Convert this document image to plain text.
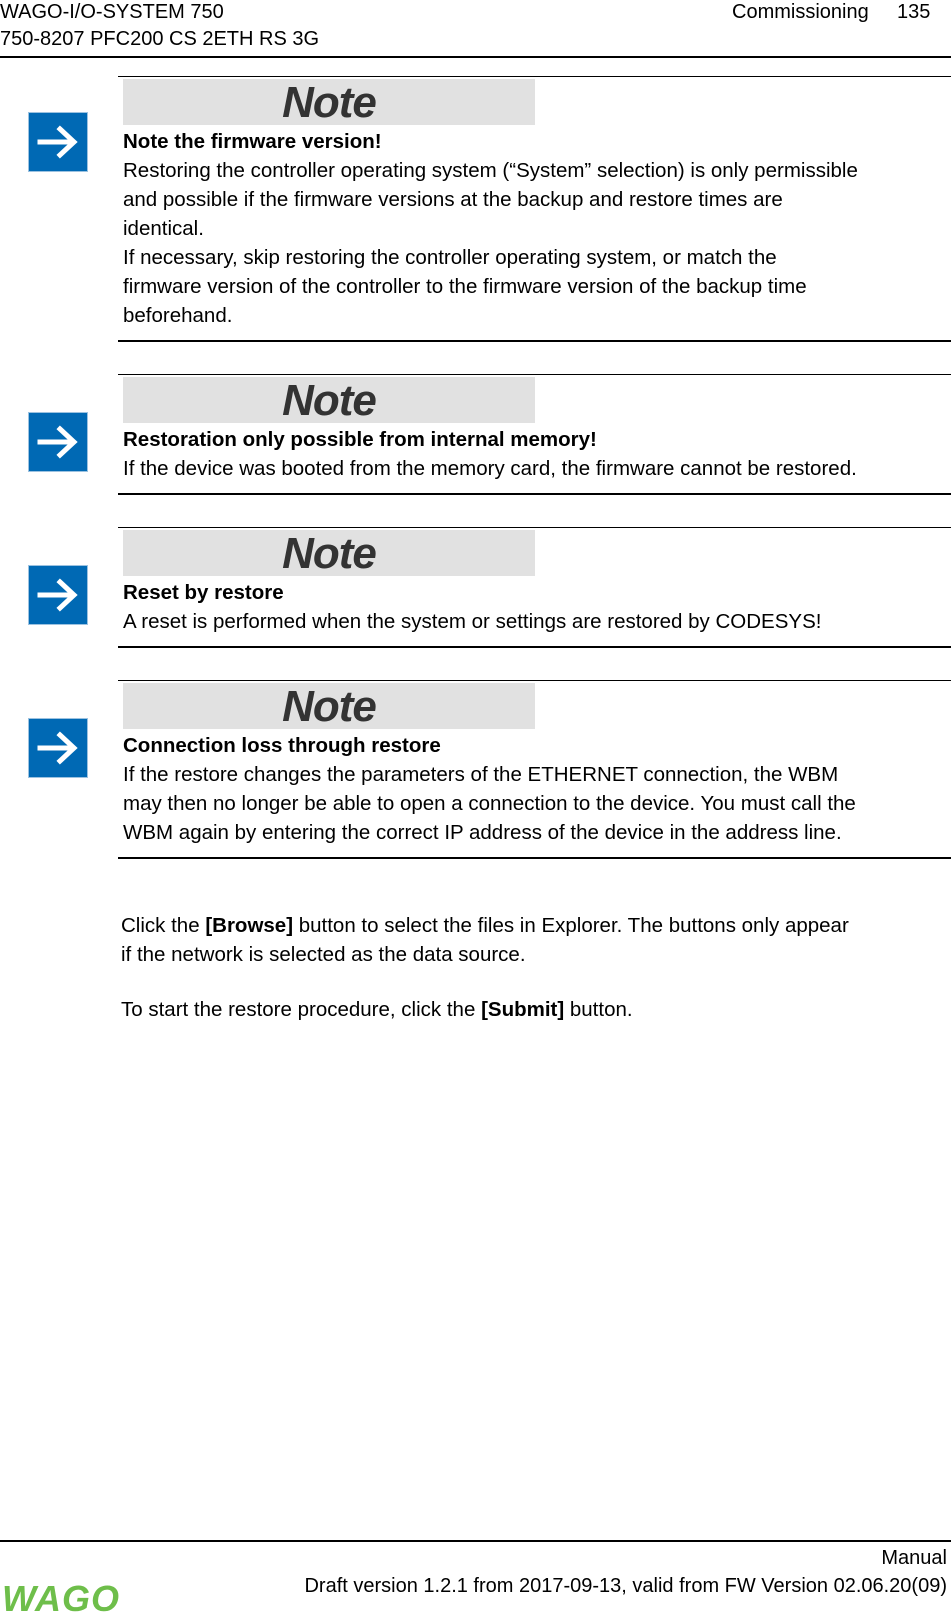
WAGO-I/O-SYSTEM 750
750-8207 PFC200 CS 2ETH RS 3G
Commissioning 135
Note
Note the firmware version!
Restoring the controller operating system (“System” selection) is only permissible
and possible if the firmware versions at the backup and restore times are
identical.
If necessary, skip restoring the controller operating system, or match the
firmware version of the controller to the firmware version of the backup time
beforehand.
Note
Restoration only possible from internal memory!
If the device was booted from the memory card, the firmware cannot be restored.
Note
Reset by restore
A reset is performed when the system or settings are restored by CODESYS!
Note
Connection loss through restore
If the restore changes the parameters of the ETHERNET connection, the WBM
may then no longer be able to open a connection to the device. You must call the
WBM again by entering the correct IP address of the device in the address line.
Click the [Browse] button to select the files in Explorer. The buttons only appear
if the network is selected as the data source.
To start the restore procedure, click the [Submit] button.
Manual
Draft version 1.2.1 from 2017-09-13, valid from FW Version 02.06.20(09)
WAGO
